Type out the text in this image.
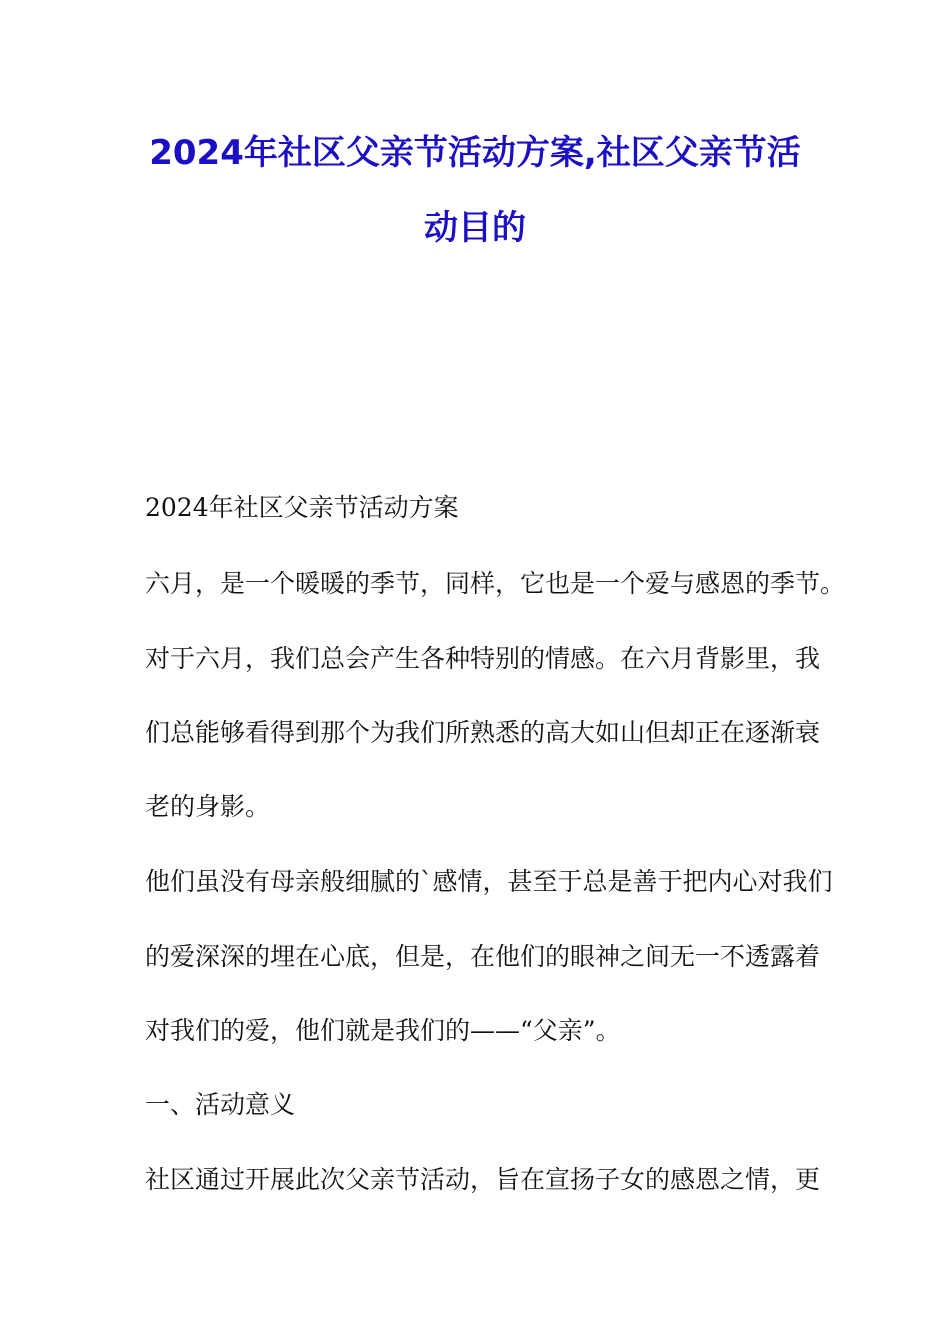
2024年社区父亲节活动方案,社区父亲节活
动目的

2024年社区父亲节活动方案

六月，是一个暖暖的季节，同样，它也是一个爱与感恩的季节。

对于六月，我们总会产生各种特别的情感。在六月背影里，我

们总能够看得到那个为我们所熟悉的高大如山但却正在逐渐衰

老的身影。

他们虽没有母亲般细腻的`感情，甚至于总是善于把内心对我们

的爱深深的埋在心底，但是，在他们的眼神之间无一不透露着

对我们的爱，他们就是我们的——“父亲”。

一、活动意义

社区通过开展此次父亲节活动，旨在宣扬子女的感恩之情，更
